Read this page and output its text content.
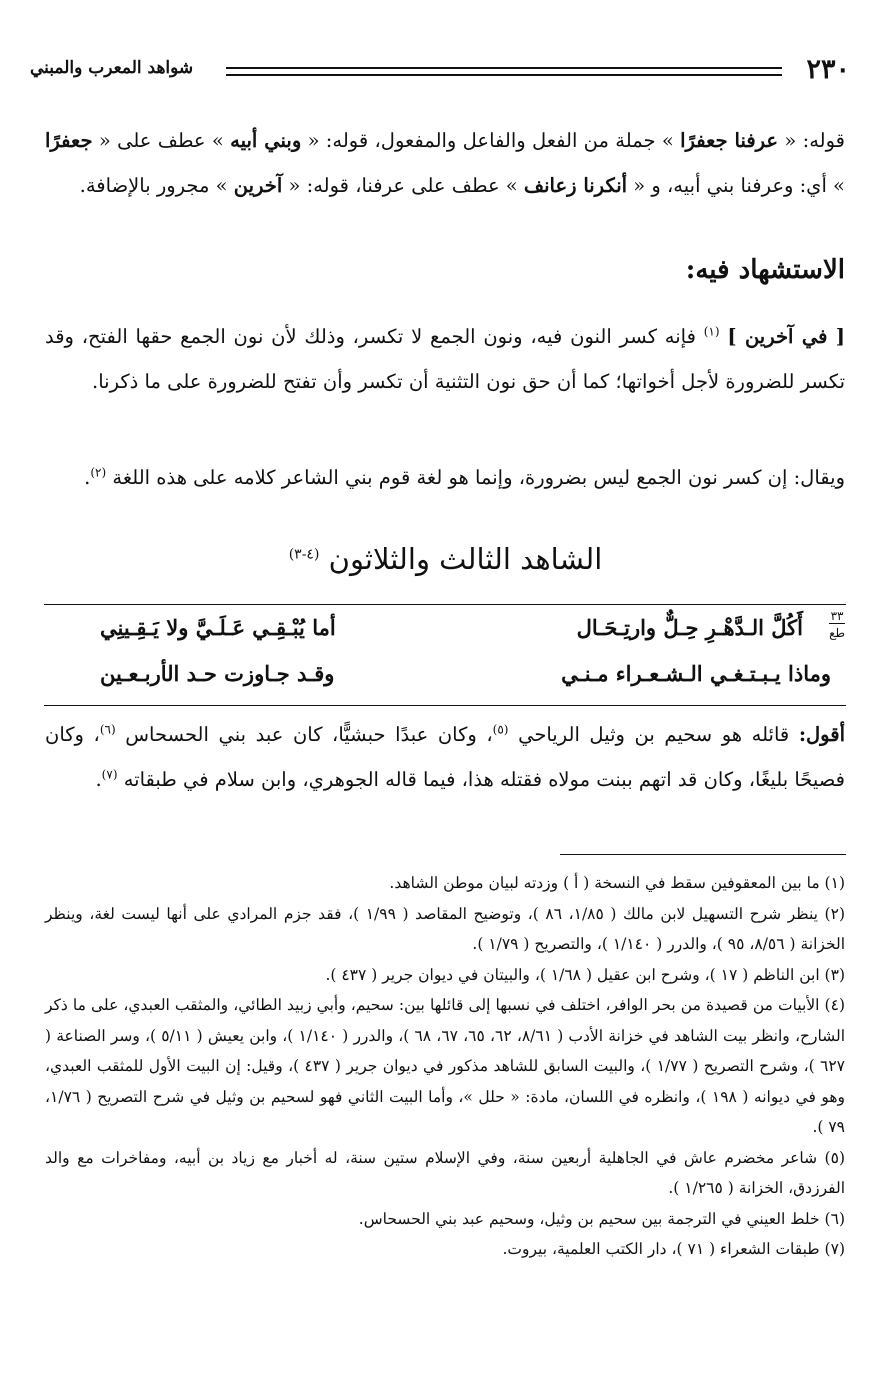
٢٣٠
شواهد المعرب والمبني

قوله: « عرفنا جعفرًا » جملة من الفعل والفاعل والمفعول، قوله: « وبني أبيه » عطف على « جعفرًا » أي: وعرفنا بني أبيه، و « أنكرنا زعانف » عطف على عرفنا، قوله: « آخرين » مجرور بالإضافة.

الاستشهاد فيه:

[ في آخرين ] $^{(١)}$ فإنه كسر النون فيه، ونون الجمع لا تكسر، وذلك لأن نون الجمع حقها الفتح، وقد تكسر للضرورة لأجل أخواتها؛ كما أن حق نون التثنية أن تكسر وأن تفتح للضرورة على ما ذكرنا.

ويقال: إن كسر نون الجمع ليس بضرورة، وإنما هو لغة قوم بني الشاعر كلامه على هذه اللغة $^{(٢)}$.

الشاهد الثالث والثلاثون $^{(٤-٣)}$
٣٣
طع
أَكُلَّ الـدَّهْـرِ حِـلٌّ وارتِـحَـال
أما يُبْـقِـي عَـلَـيَّ ولا يَـقِـينِي
وماذا يـبـتـغـي الـشـعـراء مـنـي
وقـد جـاوزت حـد الأربـعـين

أقول: قائله هو سحيم بن وثيل الرياحي $^{(٥)}$، وكان عبدًا حبشيًّا، كان عبد بني الحسحاس $^{(٦)}$، وكان فصيحًا بليغًا، وكان قد اتهم ببنت مولاه فقتله هذا، فيما قاله الجوهري، وابن سلام في طبقاته $^{(٧)}$.

(١) ما بين المعقوفين سقط في النسخة ( أ ) وزدته لبيان موطن الشاهد.

(٢) ينظر شرح التسهيل لابن مالك ( ١/٨٥، ٨٦ )، وتوضيح المقاصد ( ١/٩٩ )، فقد جزم المرادي على أنها ليست لغة، وينظر الخزانة ( ٨/٥٦، ٩٥ )، والدرر ( ١/١٤٠ )، والتصريح ( ١/٧٩ ).

(٣) ابن الناظم ( ١٧ )، وشرح ابن عقيل ( ١/٦٨ )، والبيتان في ديوان جرير ( ٤٣٧ ).

(٤) الأبيات من قصيدة من بحر الوافر، اختلف في نسبها إلى قائلها بين: سحيم، وأبي زبيد الطائي، والمثقب العبدي، على ما ذكر الشارح، وانظر بيت الشاهد في خزانة الأدب ( ٨/٦١، ٦٢، ٦٥، ٦٧، ٦٨ )، والدرر ( ١/١٤٠ )، وابن يعيش ( ٥/١١ )، وسر الصناعة ( ٦٢٧ )، وشرح التصريح ( ١/٧٧ )، والبيت السابق للشاهد مذكور في ديوان جرير ( ٤٣٧ )، وقيل: إن البيت الأول للمثقب العبدي، وهو في ديوانه ( ١٩٨ )، وانظره في اللسان، مادة: « حلل »، وأما البيت الثاني فهو لسحيم بن وثيل في شرح التصريح ( ١/٧٦، ٧٩ ).

(٥) شاعر مخضرم عاش في الجاهلية أربعين سنة، وفي الإسلام ستين سنة، له أخبار مع زياد بن أبيه، ومفاخرات مع والد الفرزدق، الخزانة ( ١/٢٦٥ ).

(٦) خلط العيني في الترجمة بين سحيم بن وثيل، وسحيم عبد بني الحسحاس.

(٧) طبقات الشعراء ( ٧١ )، دار الكتب العلمية، بيروت.
